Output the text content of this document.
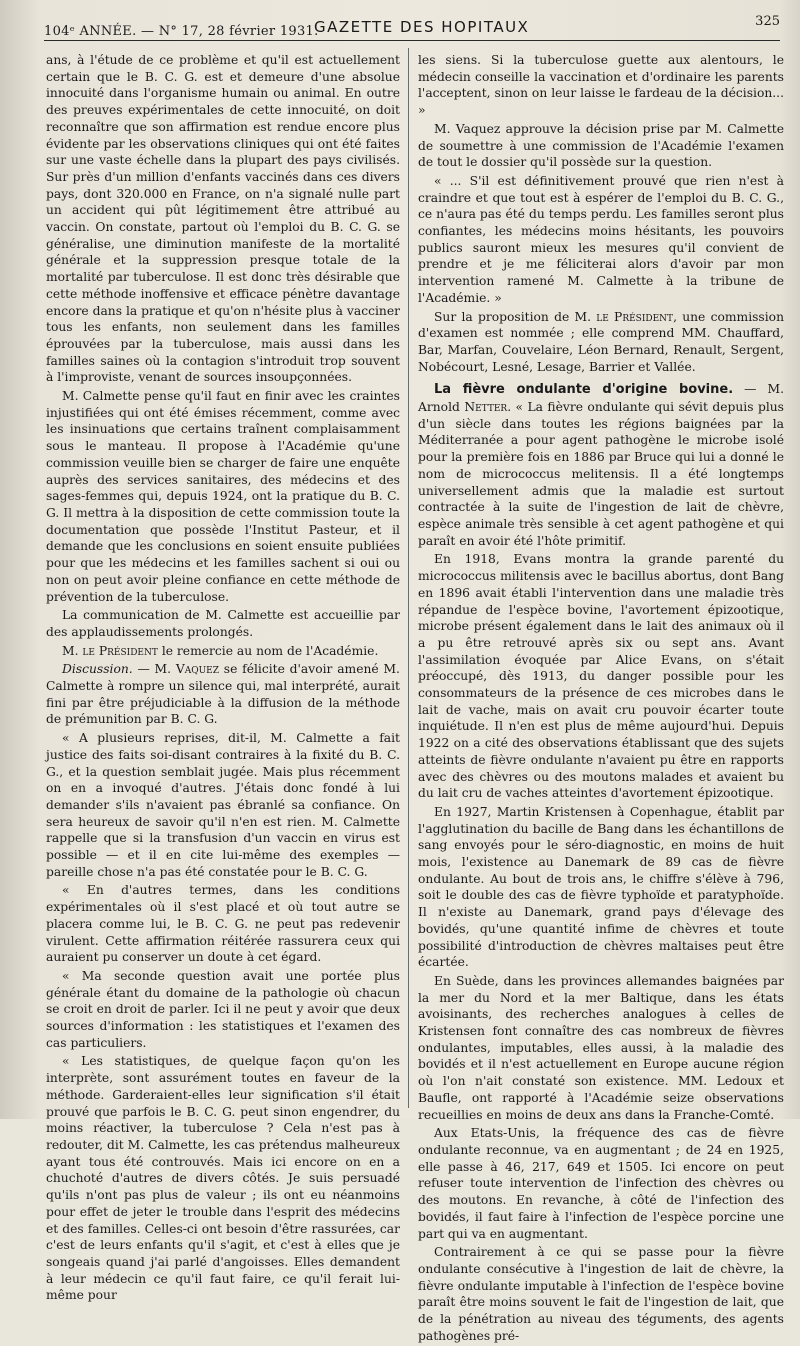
104ᵉ ANNÉE. — N° 17, 28 février 1931.
GAZETTE DES HOPITAUX	325

ans, à l'étude de ce problème et qu'il est actuellement certain que le B. C. G. est et demeure d'une absolue innocuité dans l'organisme humain ou animal. En outre des preuves expérimentales de cette innocuité, on doit reconnaître que son affirmation est rendue encore plus évidente par les observations cliniques qui ont été faites sur une vaste échelle dans la plupart des pays civilisés. Sur près d'un million d'enfants vaccinés dans ces divers pays, dont 320.000 en France, on n'a signalé nulle part un accident qui pût légitimement être attribué au vaccin. On constate, partout où l'emploi du B. C. G. se généralise, une diminution manifeste de la mortalité générale et la suppression presque totale de la mortalité par tuberculose. Il est donc très désirable que cette méthode inoffensive et efficace pénètre davantage encore dans la pratique et qu'on n'hésite plus à vacciner tous les enfants, non seulement dans les familles éprouvées par la tuberculose, mais aussi dans les familles saines où la contagion s'introduit trop souvent à l'improviste, venant de sources insoupçonnées.

M. Calmette pense qu'il faut en finir avec les craintes injustifiées qui ont été émises récemment, comme avec les insinuations que certains traînent complaisamment sous le manteau. Il propose à l'Académie qu'une commission veuille bien se charger de faire une enquête auprès des services sanitaires, des médecins et des sages-femmes qui, depuis 1924, ont la pratique du B. C. G. Il mettra à la disposition de cette commission toute la documentation que possède l'Institut Pasteur, et il demande que les conclusions en soient ensuite publiées pour que les médecins et les familles sachent si oui ou non on peut avoir pleine confiance en cette méthode de prévention de la tuberculose.

La communication de M. Calmette est accueillie par des applaudissements prolongés.

M. le Président le remercie au nom de l'Académie.

Discussion. — M. Vaquez se félicite d'avoir amené M. Calmette à rompre un silence qui, mal interprété, aurait fini par être préjudiciable à la diffusion de la méthode de prémunition par B. C. G.

« A plusieurs reprises, dit-il, M. Calmette a fait justice des faits soi-disant contraires à la fixité du B. C. G., et la question semblait jugée. Mais plus récemment on en a invoqué d'autres. J'étais donc fondé à lui demander s'ils n'avaient pas ébranlé sa confiance. On sera heureux de savoir qu'il n'en est rien. M. Calmette rappelle que si la transfusion d'un vaccin en virus est possible — et il en cite lui-même des exemples — pareille chose n'a pas été constatée pour le B. C. G.

« En d'autres termes, dans les conditions expérimentales où il s'est placé et où tout autre se placera comme lui, le B. C. G. ne peut pas redevenir virulent. Cette affirmation réitérée rassurera ceux qui auraient pu conserver un doute à cet égard.

« Ma seconde question avait une portée plus générale étant du domaine de la pathologie où chacun se croit en droit de parler. Ici il ne peut y avoir que deux sources d'information : les statistiques et l'examen des cas particuliers.

« Les statistiques, de quelque façon qu'on les interprète, sont assurément toutes en faveur de la méthode. Garderaient-elles leur signification s'il était prouvé que parfois le B. C. G. peut sinon engendrer, du moins réactiver, la tuberculose ? Cela n'est pas à redouter, dit M. Calmette, les cas prétendus malheureux ayant tous été controuvés. Mais ici encore on en a chuchoté d'autres de divers côtés. Je suis persuadé qu'ils n'ont pas plus de valeur ; ils ont eu néanmoins pour effet de jeter le trouble dans l'esprit des médecins et des familles. Celles-ci ont besoin d'être rassurées, car c'est de leurs enfants qu'il s'agit, et c'est à elles que je songeais quand j'ai parlé d'angoisses. Elles demandent à leur médecin ce qu'il faut faire, ce qu'il ferait lui-même pour

les siens. Si la tuberculose guette aux alentours, le médecin conseille la vaccination et d'ordinaire les parents l'acceptent, sinon on leur laisse le fardeau de la décision... »

M. Vaquez approuve la décision prise par M. Calmette de soumettre à une commission de l'Académie l'examen de tout le dossier qu'il possède sur la question.

« ... S'il est définitivement prouvé que rien n'est à craindre et que tout est à espérer de l'emploi du B. C. G., ce n'aura pas été du temps perdu. Les familles seront plus confiantes, les médecins moins hésitants, les pouvoirs publics sauront mieux les mesures qu'il convient de prendre et je me féliciterai alors d'avoir par mon intervention ramené M. Calmette à la tribune de l'Académie. »

Sur la proposition de M. le Président, une commission d'examen est nommée ; elle comprend MM. Chauffard, Bar, Marfan, Couvelaire, Léon Bernard, Renault, Sergent, Nobécourt, Lesné, Lesage, Barrier et Vallée.

La fièvre ondulante d'origine bovine. — M. Arnold Netter. « La fièvre ondulante qui sévit depuis plus d'un siècle dans toutes les régions baignées par la Méditerranée a pour agent pathogène le microbe isolé pour la première fois en 1886 par Bruce qui lui a donné le nom de micrococcus melitensis. Il a été longtemps universellement admis que la maladie est surtout contractée à la suite de l'ingestion de lait de chèvre, espèce animale très sensible à cet agent pathogène et qui paraît en avoir été l'hôte primitif.

En 1918, Evans montra la grande parenté du micrococcus militensis avec le bacillus abortus, dont Bang en 1896 avait établi l'intervention dans une maladie très répandue de l'espèce bovine, l'avortement épizootique, microbe présent également dans le lait des animaux où il a pu être retrouvé après six ou sept ans. Avant l'assimilation évoquée par Alice Evans, on s'était préoccupé, dès 1913, du danger possible pour les consommateurs de la présence de ces microbes dans le lait de vache, mais on avait cru pouvoir écarter toute inquiétude. Il n'en est plus de même aujourd'hui. Depuis 1922 on a cité des observations établissant que des sujets atteints de fièvre ondulante n'avaient pu être en rapports avec des chèvres ou des moutons malades et avaient bu du lait cru de vaches atteintes d'avortement épizootique.

En 1927, Martin Kristensen à Copenhague, établit par l'agglutination du bacille de Bang dans les échantillons de sang envoyés pour le séro-diagnostic, en moins de huit mois, l'existence au Danemark de 89 cas de fièvre ondulante. Au bout de trois ans, le chiffre s'élève à 796, soit le double des cas de fièvre typhoïde et paratyphoïde. Il n'existe au Danemark, grand pays d'élevage des bovidés, qu'une quantité infime de chèvres et toute possibilité d'introduction de chèvres maltaises peut être écartée.

En Suède, dans les provinces allemandes baignées par la mer du Nord et la mer Baltique, dans les états avoisinants, des recherches analogues à celles de Kristensen font connaître des cas nombreux de fièvres ondulantes, imputables, elles aussi, à la maladie des bovidés et il n'est actuellement en Europe aucune région où l'on n'ait constaté son existence. MM. Ledoux et Baufle, ont rapporté à l'Académie seize observations recueillies en moins de deux ans dans la Franche-Comté.

Aux Etats-Unis, la fréquence des cas de fièvre ondulante reconnue, va en augmentant ; de 24 en 1925, elle passe à 46, 217, 649 et 1505. Ici encore on peut refuser toute intervention de l'infection des chèvres ou des moutons. En revanche, à côté de l'infection des bovidés, il faut faire à l'infection de l'espèce porcine une part qui va en augmentant.

Contrairement à ce qui se passe pour la fièvre ondulante consécutive à l'ingestion de lait de chèvre, la fièvre ondulante imputable à l'infection de l'espèce bovine paraît être moins souvent le fait de l'ingestion de lait, que de la pénétration au niveau des téguments, des agents pathogènes pré-
